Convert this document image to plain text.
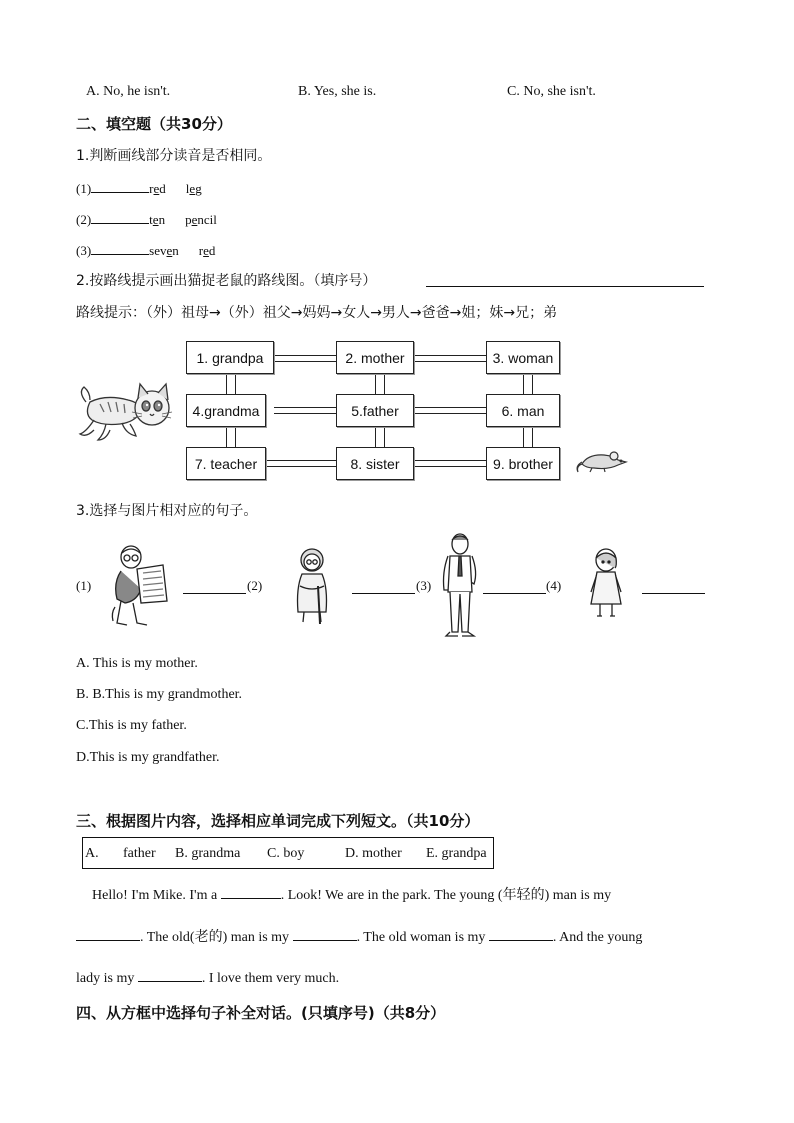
A. No, he isn't.	B. Yes, she is.	C. No, she isn't.
二、填空题（共30分）
1.判断画线部分读音是否相同。
(1)	red leg
(2)	ten pencil
(3)	seven red
2.按路线提示画出猫捉老鼠的路线图。（填序号）
路线提示：（外）祖母→（外）祖父→妈妈→女人→男人→爸爸→姐；妹→兄；弟
1. grandpa	2. mother	3. woman
4.grandma	5.father	6. man
7. teacher	8. sister	9. brother
3.选择与图片相对应的句子。
(1)	(2)	(3)	(4)
A. This is my mother.
B. B.This is my grandmother.
C.This is my father.
D.This is my grandfather.
三、根据图片内容，选择相应单词完成下列短文。（共10分）
A. father B. grandma C. boy	D. mother E. grandpa
Hello! I'm Mike. I'm a	. Look! We are in the park. The young (年轻的) man is my
. The old(老的) man is my	. The old woman is my	. And the young
lady is my	. I love them very much.
四、从方框中选择句子补全对话。(只填序号)（共8分）
